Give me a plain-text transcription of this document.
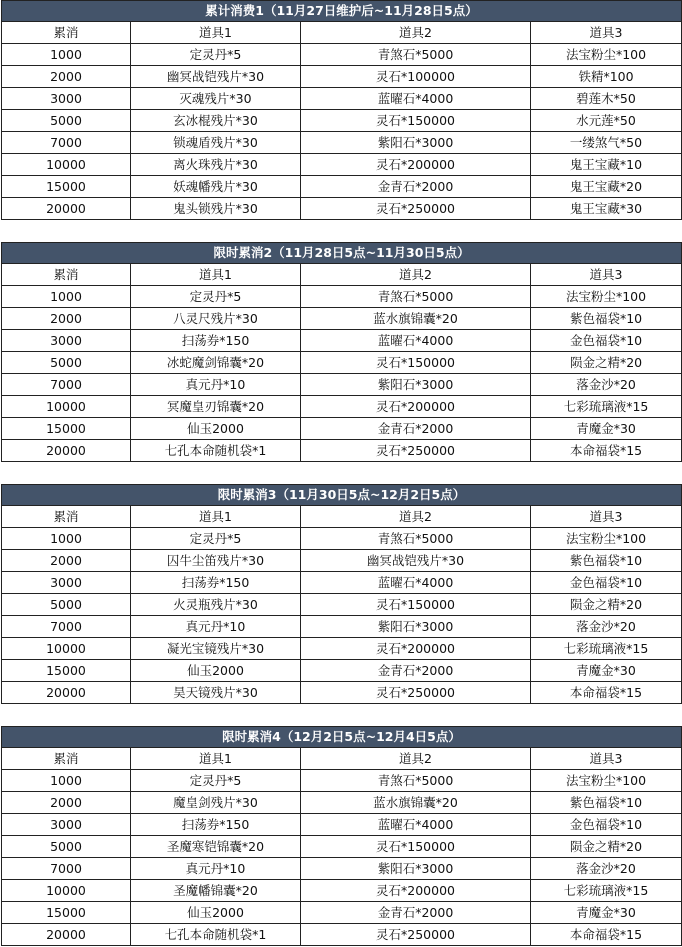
累计消费1（11月27日维护后~11月28日5点）			
累消	道具1	道具2	道具3
1000	定灵丹*5	青煞石*5000	法宝粉尘*100
2000	幽冥战铠残片*30	灵石*100000	铁精*100
3000	灭魂残片*30	蓝曜石*4000	碧莲木*50
5000	玄冰棍残片*30	灵石*150000	水元莲*50
7000	锁魂盾残片*30	紫阳石*3000	一缕煞气*50
10000	离火珠残片*30	灵石*200000	鬼王宝藏*10
15000	妖魂幡残片*30	金青石*2000	鬼王宝藏*20
20000	鬼头锁残片*30	灵石*250000	鬼王宝藏*30
限时累消2（11月28日5点~11月30日5点）			
累消	道具1	道具2	道具3
1000	定灵丹*5	青煞石*5000	法宝粉尘*100
2000	八灵尺残片*30	蓝水旗锦囊*20	紫色福袋*10
3000	扫荡券*150	蓝曜石*4000	金色福袋*10
5000	冰蛇魔剑锦囊*20	灵石*150000	陨金之精*20
7000	真元丹*10	紫阳石*3000	落金沙*20
10000	冥魔皇刃锦囊*20	灵石*200000	七彩琉璃液*15
15000	仙玉2000	金青石*2000	青魔金*30
20000	七孔本命随机袋*1	灵石*250000	本命福袋*15
限时累消3（11月30日5点~12月2日5点）			
累消	道具1	道具2	道具3
1000	定灵丹*5	青煞石*5000	法宝粉尘*100
2000	囚牛尘笛残片*30	幽冥战铠残片*30	紫色福袋*10
3000	扫荡券*150	蓝曜石*4000	金色福袋*10
5000	火灵瓶残片*30	灵石*150000	陨金之精*20
7000	真元丹*10	紫阳石*3000	落金沙*20
10000	凝光宝镜残片*30	灵石*200000	七彩琉璃液*15
15000	仙玉2000	金青石*2000	青魔金*30
20000	昊天镜残片*30	灵石*250000	本命福袋*15
限时累消4（12月2日5点~12月4日5点）			
累消	道具1	道具2	道具3
1000	定灵丹*5	青煞石*5000	法宝粉尘*100
2000	魔皇剑残片*30	蓝水旗锦囊*20	紫色福袋*10
3000	扫荡券*150	蓝曜石*4000	金色福袋*10
5000	圣魔寒铠锦囊*20	灵石*150000	陨金之精*20
7000	真元丹*10	紫阳石*3000	落金沙*20
10000	圣魔幡锦囊*20	灵石*200000	七彩琉璃液*15
15000	仙玉2000	金青石*2000	青魔金*30
20000	七孔本命随机袋*1	灵石*250000	本命福袋*15
